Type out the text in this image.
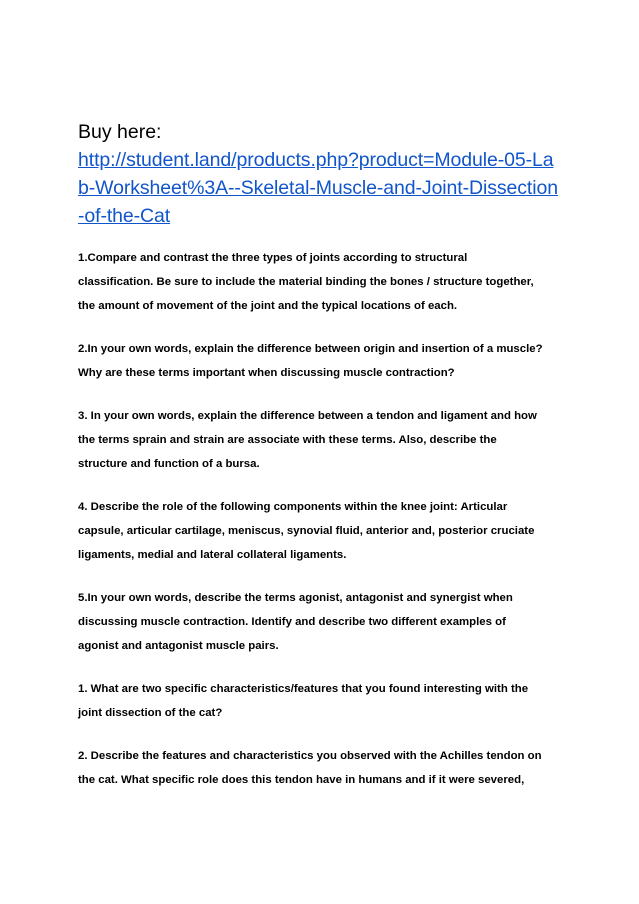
Buy here:

http://student.land/products.php?product=Module-05-La
b-Worksheet%3A--Skeletal-Muscle-and-Joint-Dissection
-of-the-Cat
1.Compare and contrast the three types of joints according to structural
classification. Be sure to include the material binding the bones / structure together,
the amount of movement of the joint and the typical locations of each.
2.In your own words, explain the difference between origin and insertion of a muscle?
Why are these terms important when discussing muscle contraction?
3. In your own words, explain the difference between a tendon and ligament and how
the terms sprain and strain are associate with these terms. Also, describe the
structure and function of a bursa.
4. Describe the role of the following components within the knee joint: Articular
capsule, articular cartilage, meniscus, synovial fluid, anterior and, posterior cruciate
ligaments, medial and lateral collateral ligaments.
5.In your own words, describe the terms agonist, antagonist and synergist when
discussing muscle contraction. Identify and describe two different examples of
agonist and antagonist muscle pairs.
1. What are two specific characteristics/features that you found interesting with the
joint dissection of the cat?
2. Describe the features and characteristics you observed with the Achilles tendon on
the cat. What specific role does this tendon have in humans and if it were severed,
